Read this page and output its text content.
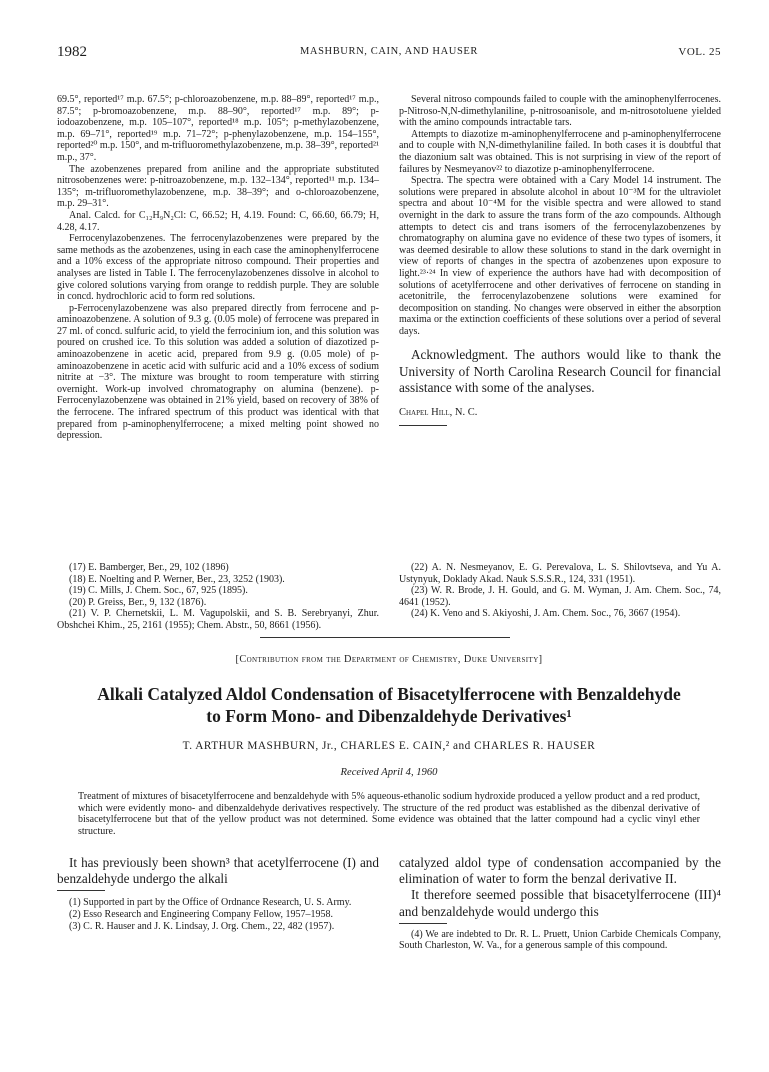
1982	MASHBURN, CAIN, AND HAUSER	VOL. 25

69.5°, reported¹⁷ m.p. 67.5°; p-chloroazobenzene, m.p. 88–89°, reported¹⁷ m.p., 87.5°; p-bromoazobenzene, m.p. 88–90°, reported¹⁷ m.p. 89°; p-iodoazobenzene, m.p. 105–107°, reported¹⁸ m.p. 105°; p-methylazobenzene, m.p. 69–71°, reported¹⁹ m.p. 71–72°; p-phenylazobenzene, m.p. 154–155°, reported²⁰ m.p. 150°, and m-trifluoromethylazobenzene, m.p. 38–39°, reported²¹ m.p., 37°.

The azobenzenes prepared from aniline and the appropriate substituted nitrosobenzenes were: p-nitroazobenzene, m.p. 132–134°, reported¹¹ m.p. 134–135°; m-trifluoromethylazobenzene, m.p. 38–39°; and o-chloroazobenzene, m.p. 29–31°.

Anal. Calcd. for C₁₂H₉N₂Cl: C, 66.52; H, 4.19. Found: C, 66.60, 66.79; H, 4.28, 4.17.

Ferrocenylazobenzenes. The ferrocenylazobenzenes were prepared by the same methods as the azobenzenes, using in each case the aminophenylferrocene and a 10% excess of the appropriate nitroso compound. Their properties and analyses are listed in Table I. The ferrocenylazobenzenes dissolve in alcohol to give colored solutions varying from orange to reddish purple. They are soluble in concd. hydrochloric acid to form red solutions.

p-Ferrocenylazobenzene was also prepared directly from ferrocene and p-aminoazobenzene. A solution of 9.3 g. (0.05 mole) of ferrocene was prepared in 27 ml. of concd. sulfuric acid, to yield the ferrocinium ion, and this solution was poured on crushed ice. To this solution was added a solution of diazotized p-aminoazobenzene in acetic acid, prepared from 9.9 g. (0.05 mole) of p-aminoazobenzene in acetic acid with sulfuric acid and a 10% excess of sodium nitrite at −3°. The mixture was brought to room temperature with stirring overnight. Work-up involved chromatography on alumina (benzene). p-Ferrocenylazobenzene was obtained in 21% yield, based on recovery of 38% of the ferrocene. The infrared spectrum of this product was identical with that prepared from p-aminophenylferrocene; a mixed melting point showed no depression.

Several nitroso compounds failed to couple with the aminophenylferrocenes. p-Nitroso-N,N-dimethylaniline, p-nitrosoanisole, and m-nitrosotoluene yielded with the amino compounds intractable tars.

Attempts to diazotize m-aminophenylferrocene and p-aminophenylferrocene and to couple with N,N-dimethylaniline failed. In both cases it is doubtful that the diazonium salt was obtained. This is not surprising in view of the report of failures by Nesmeyanov²² to diazotize p-aminophenylferrocene.

Spectra. The spectra were obtained with a Cary Model 14 instrument. The solutions were prepared in absolute alcohol in about 10⁻³M for the ultraviolet spectra and about 10⁻⁴M for the visible spectra and were allowed to stand overnight in the dark to assure the trans form of the azo compounds. Although attempts to detect cis and trans isomers of the ferrocenylazobenzenes by chromatography on alumina gave no evidence of these two types of isomers, it was deemed desirable to allow these solutions to stand in the dark overnight in view of reports of changes in the spectra of azobenzenes upon exposure to light.²³·²⁴ In view of experience the authors have had with decomposition of solutions of acetylferrocene and other derivatives of ferrocene on standing in acetonitrile, the ferrocenylazobenzene solutions were examined for decomposition on standing. No changes were observed in either the absorption maxima or the extinction coefficients of these solutions over a period of several days.

Acknowledgment. The authors would like to thank the University of North Carolina Research Council for financial assistance with some of the analyses.

Chapel Hill, N. C.

(17) E. Bamberger, Ber., 29, 102 (1896)

(18) E. Noelting and P. Werner, Ber., 23, 3252 (1903).

(19) C. Mills, J. Chem. Soc., 67, 925 (1895).

(20) P. Greiss, Ber., 9, 132 (1876).

(21) V. P. Chernetskii, L. M. Vagupolskii, and S. B. Serebryanyi, Zhur. Obshchei Khim., 25, 2161 (1955); Chem. Abstr., 50, 8661 (1956).

(22) A. N. Nesmeyanov, E. G. Perevalova, L. S. Shilovtseva, and Yu A. Ustynyuk, Doklady Akad. Nauk S.S.S.R., 124, 331 (1951).

(23) W. R. Brode, J. H. Gould, and G. M. Wyman, J. Am. Chem. Soc., 74, 4641 (1952).

(24) K. Veno and S. Akiyoshi, J. Am. Chem. Soc., 76, 3667 (1954).

[Contribution from the Department of Chemistry, Duke University]
Alkali Catalyzed Aldol Condensation of Bisacetylferrocene with Benzaldehyde
to Form Mono- and Dibenzaldehyde Derivatives¹
T. ARTHUR MASHBURN, Jr., CHARLES E. CAIN,² and CHARLES R. HAUSER
Received April 4, 1960
Treatment of mixtures of bisacetylferrocene and benzaldehyde with 5% aqueous-ethanolic sodium hydroxide produced a yellow product and a red product, which were evidently mono- and dibenzaldehyde derivatives respectively. The structure of the red product was established as the dibenzal derivative of bisacetylferrocene but that of the yellow product was not determined. Some evidence was obtained that the latter compound had a cyclic vinyl ether structure.

It has previously been shown³ that acetylferrocene (I) and benzaldehyde undergo the alkali

(1) Supported in part by the Office of Ordnance Research, U. S. Army.

(2) Esso Research and Engineering Company Fellow, 1957–1958.

(3) C. R. Hauser and J. K. Lindsay, J. Org. Chem., 22, 482 (1957).

catalyzed aldol type of condensation accompanied by the elimination of water to form the benzal derivative II.

It therefore seemed possible that bisacetylferrocene (III)⁴ and benzaldehyde would undergo this

(4) We are indebted to Dr. R. L. Pruett, Union Carbide Chemicals Company, South Charleston, W. Va., for a generous sample of this compound.
